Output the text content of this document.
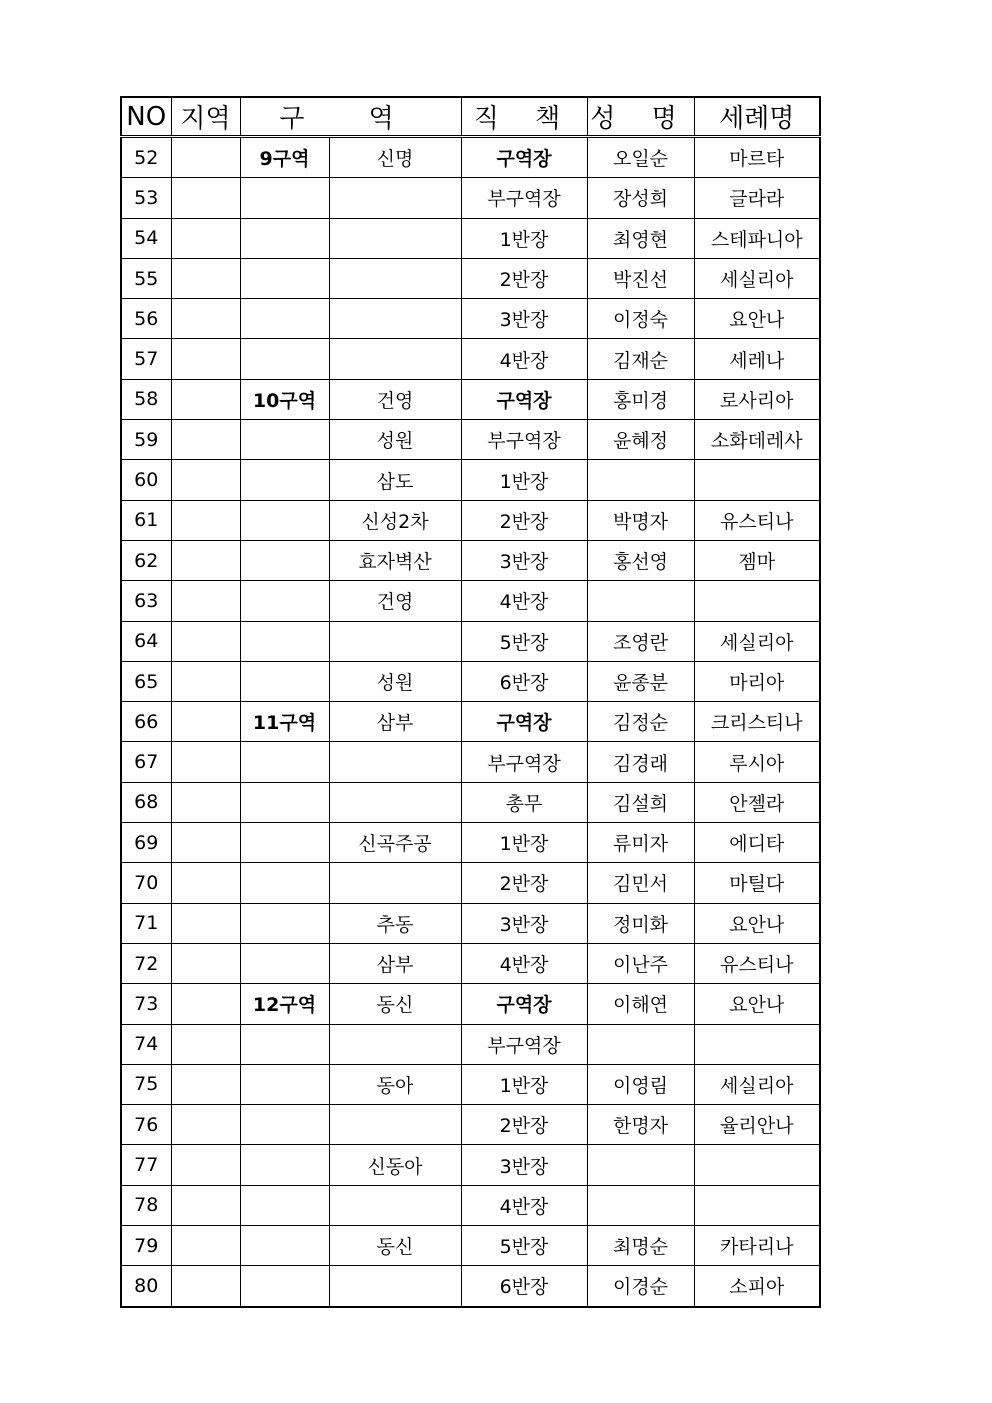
NO	지역	구 역		직 책	성 명	세례명
52		9구역	신명	구역장	오일순	마르타
53				부구역장	장성희	글라라
54				1반장	최영현	스테파니아
55				2반장	박진선	세실리아
56				3반장	이정숙	요안나
57				4반장	김재순	세레나
58		10구역	건영	구역장	홍미경	로사리아
59			성원	부구역장	윤혜정	소화데레사
60			삼도	1반장		
61			신성2차	2반장	박명자	유스티나
62			효자벽산	3반장	홍선영	젬마
63			건영	4반장		
64				5반장	조영란	세실리아
65			성원	6반장	윤종분	마리아
66		11구역	삼부	구역장	김정순	크리스티나
67				부구역장	김경래	루시아
68				총무	김설희	안젤라
69			신곡주공	1반장	류미자	에디타
70				2반장	김민서	마틸다
71			추동	3반장	정미화	요안나
72			삼부	4반장	이난주	유스티나
73		12구역	동신	구역장	이해연	요안나
74				부구역장		
75			동아	1반장	이영림	세실리아
76				2반장	한명자	율리안나
77			신동아	3반장		
78				4반장		
79			동신	5반장	최명순	카타리나
80				6반장	이경순	소피아
